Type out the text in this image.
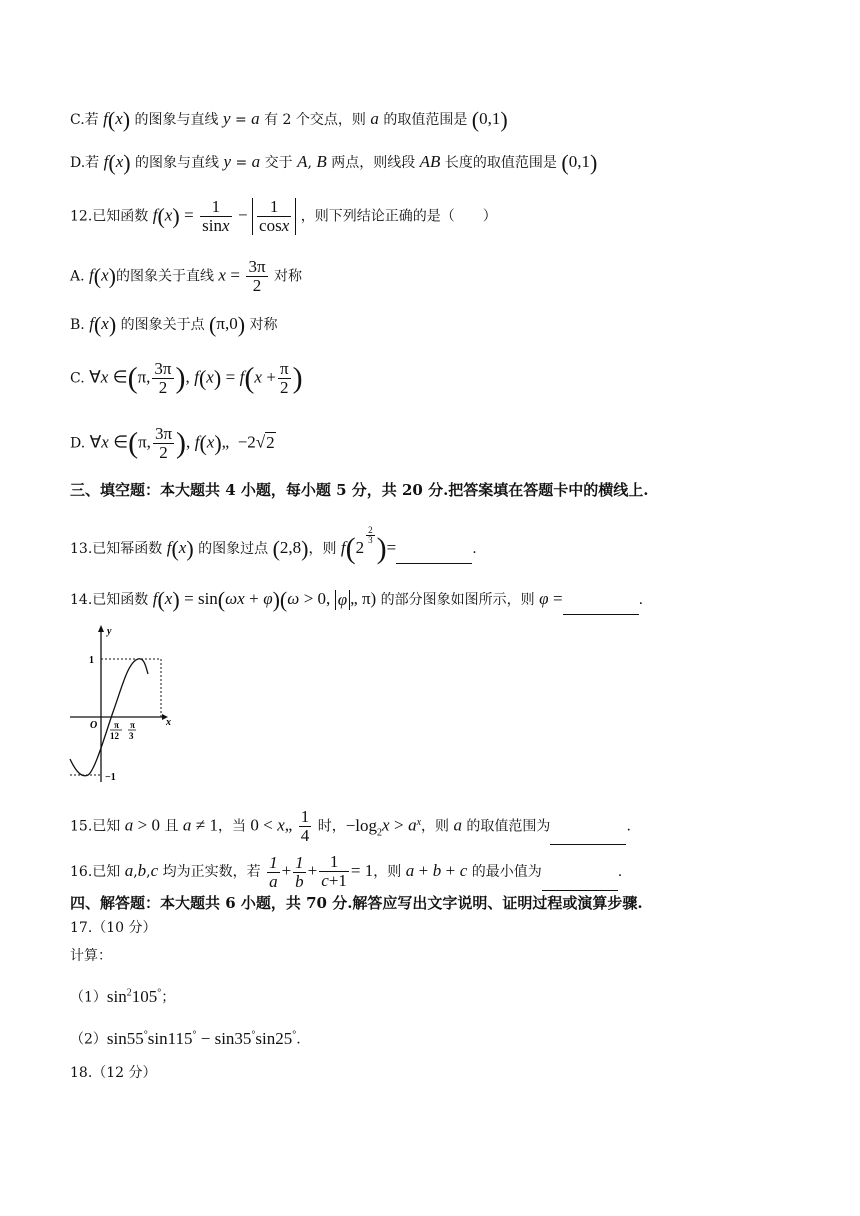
C.若 f(x) 的图象与直线 y = a 有 2 个交点，则 a 的取值范围是 (0,1)
D.若 f(x) 的图象与直线 y = a 交于 A, B 两点，则线段 AB 长度的取值范围是 (0,1)
12.已知函数 $f(x) = \frac{1}{\sin x} - \frac{1}{\cos x}$ ，则下列结论正确的是（　　）
A. f(x)的图象关于直线 $x = \frac{3\pi}{2}$ 对称
B. f(x) 的图象关于点 (π,0) 对称
C. ∀x ∈(π, $\frac{3\pi}{2}$ ), $f(x) = f(x + \frac{\pi}{2}$ )
D. ∀x ∈(π, $\frac{3\pi}{2}$ ), f(x)„  −2√2
三、填空题：本大题共 4 小题，每小题 5 分，共 20 分.把答案填在答题卡中的横线上.
13.已知幂函数 f(x) 的图象过点 (2,8)，则 f(2
$^{\frac{2}{3}}$ )=	.
14.已知函数 f(x) = sin(ωx + φ)(ω > 0, φ „ π) 的部分图象如图所示，则 φ =	.
y
x
O
1
−1
π
12
π
3
15.已知 a > 0 且 a ≠ 1，当 0 < x„ $\frac{1}{4}$ 时，$-\log_2x > a^x$，则 a 的取值范围为	.
16.已知 a,b,c 均为正实数，若 $\frac{1}{a} + \frac{1}{b} + \frac{1}{c+1} = 1$，则 a + b + c 的最小值为	.
四、解答题：本大题共 6 小题，共 70 分.解答应写出文字说明、证明过程或演算步骤.
17.（10 分）
计算：
$(1)\sin^2105^\circ$；
（2）sin55°sin115° − sin35°sin25°.
18.（12 分）
